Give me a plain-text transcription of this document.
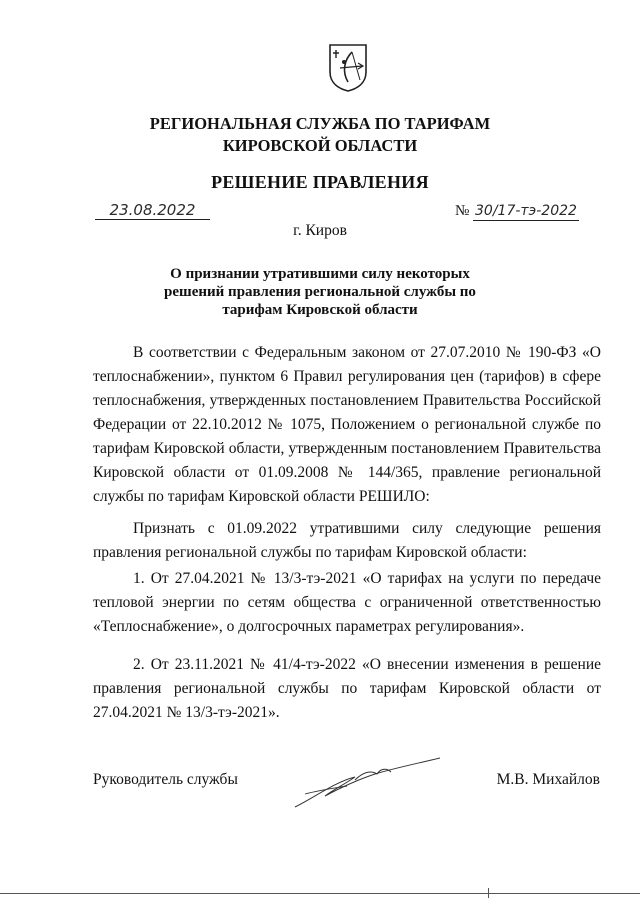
РЕГИОНАЛЬНАЯ СЛУЖБА ПО ТАРИФАМ
КИРОВСКОЙ ОБЛАСТИ
РЕШЕНИЕ ПРАВЛЕНИЯ
23.08.2022	№ 30/17-тэ-2022
г. Киров
О признании утратившими силу некоторых
решений правления региональной службы по
тарифам Кировской области
В соответствии с Федеральным законом от 27.07.2010 № 190-ФЗ «О теплоснабжении», пунктом 6 Правил регулирования цен (тарифов) в сфере теплоснабжения, утвержденных постановлением Правительства Российской Федерации от 22.10.2012 № 1075, Положением о региональной службе по тарифам Кировской области, утвержденным постановлением Правительства Кировской области от 01.09.2008 № 144/365, правление региональной службы по тарифам Кировской области РЕШИЛО:
Признать с 01.09.2022 утратившими силу следующие решения правления региональной службы по тарифам Кировской области:
1. От 27.04.2021 № 13/3-тэ-2021 «О тарифах на услуги по передаче тепловой энергии по сетям общества с ограниченной ответственностью «Теплоснабжение», о долгосрочных параметрах регулирования».
2. От 23.11.2021 № 41/4-тэ-2022 «О внесении изменения в решение правления региональной службы по тарифам Кировской области от 27.04.2021 № 13/3-тэ-2021».
Руководитель службы	М.В. Михайлов
